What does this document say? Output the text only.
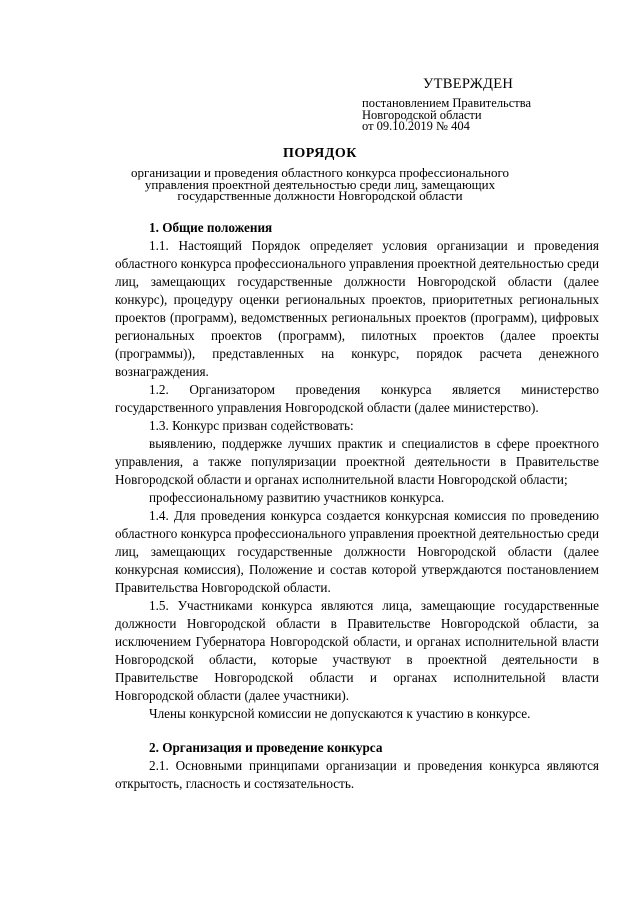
УТВЕРЖДЕН
постановлением Правительства
Новгородской области
от 09.10.2019 № 404
ПОРЯДОК
организации и проведения областного конкурса профессионального
управления проектной деятельностью среди лиц, замещающих
государственные должности Новгородской области

1. Общие положения

1.1. Настоящий Порядок определяет условия организации и проведения областного конкурса профессионального управления проектной деятельностью среди лиц, замещающих государственные должности Новгородской области (далее конкурс), процедуру оценки региональных проектов, приоритетных региональных проектов (программ), ведомственных региональных проектов (программ), цифровых региональных проектов (программ), пилотных проектов (далее проекты (программы)), представленных на конкурс, порядок расчета денежного вознаграждения.

1.2. Организатором проведения конкурса является министерство государственного управления Новгородской области (далее министерство).

1.3. Конкурс призван содействовать:

выявлению, поддержке лучших практик и специалистов в сфере проектного управления, а также популяризации проектной деятельности в Правительстве Новгородской области и органах исполнительной власти Новгородской области;

профессиональному развитию участников конкурса.

1.4. Для проведения конкурса создается конкурсная комиссия по проведению областного конкурса профессионального управления проектной деятельностью среди лиц, замещающих государственные должности Новгородской области (далее конкурсная комиссия), Положение и состав которой утверждаются постановлением Правительства Новгородской области.

1.5. Участниками конкурса являются лица, замещающие государственные должности Новгородской области в Правительстве Новгородской области, за исключением Губернатора Новгородской области, и органах исполнительной власти Новгородской области, которые участвуют в проектной деятельности в Правительстве Новгородской области и органах исполнительной власти Новгородской области (далее участники).

Члены конкурсной комиссии не допускаются к участию в конкурсе.

2. Организация и проведение конкурса

2.1. Основными принципами организации и проведения конкурса являются открытость, гласность и состязательность.
